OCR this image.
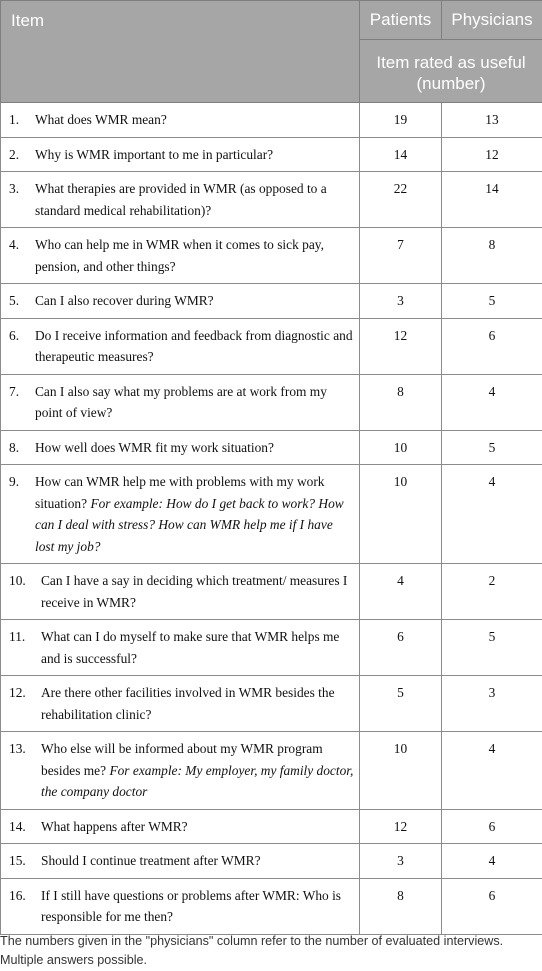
Item	Patients	Physicians
	Item rated as useful (number)	

1. What does WMR mean?	19	13

2. Why is WMR important to me in particular?	14	12

3. What therapies are provided in WMR (as opposed to a standard medical rehabilitation)?	22	14

4. Who can help me in WMR when it comes to sick pay, pension, and other things?	7	8

5. Can I also recover during WMR?	3	5

6. Do I receive information and feedback from diagnostic and therapeutic measures?	12	6

7. Can I also say what my problems are at work from my point of view?	8	4

8. How well does WMR fit my work situation?	10	5

9. How can WMR help me with problems with my work situation? For example: How do I get back to work? How can I deal with stress? How can WMR help me if I have lost my job?	10	4

10. Can I have a say in deciding which treatment/ measures I receive in WMR?	4	2

11. What can I do myself to make sure that WMR helps me and is successful?	6	5

12. Are there other facilities involved in WMR besides the rehabilitation clinic?	5	3

13. Who else will be informed about my WMR program besides me? For example: My employer, my family doctor, the company doctor	10	4

14. What happens after WMR?	12	6

15. Should I continue treatment after WMR?	3	4

16. If I still have questions or problems after WMR: Who is responsible for me then?	8	6

The numbers given in the "physicians" column refer to the number of evaluated interviews. Multiple answers possible.
